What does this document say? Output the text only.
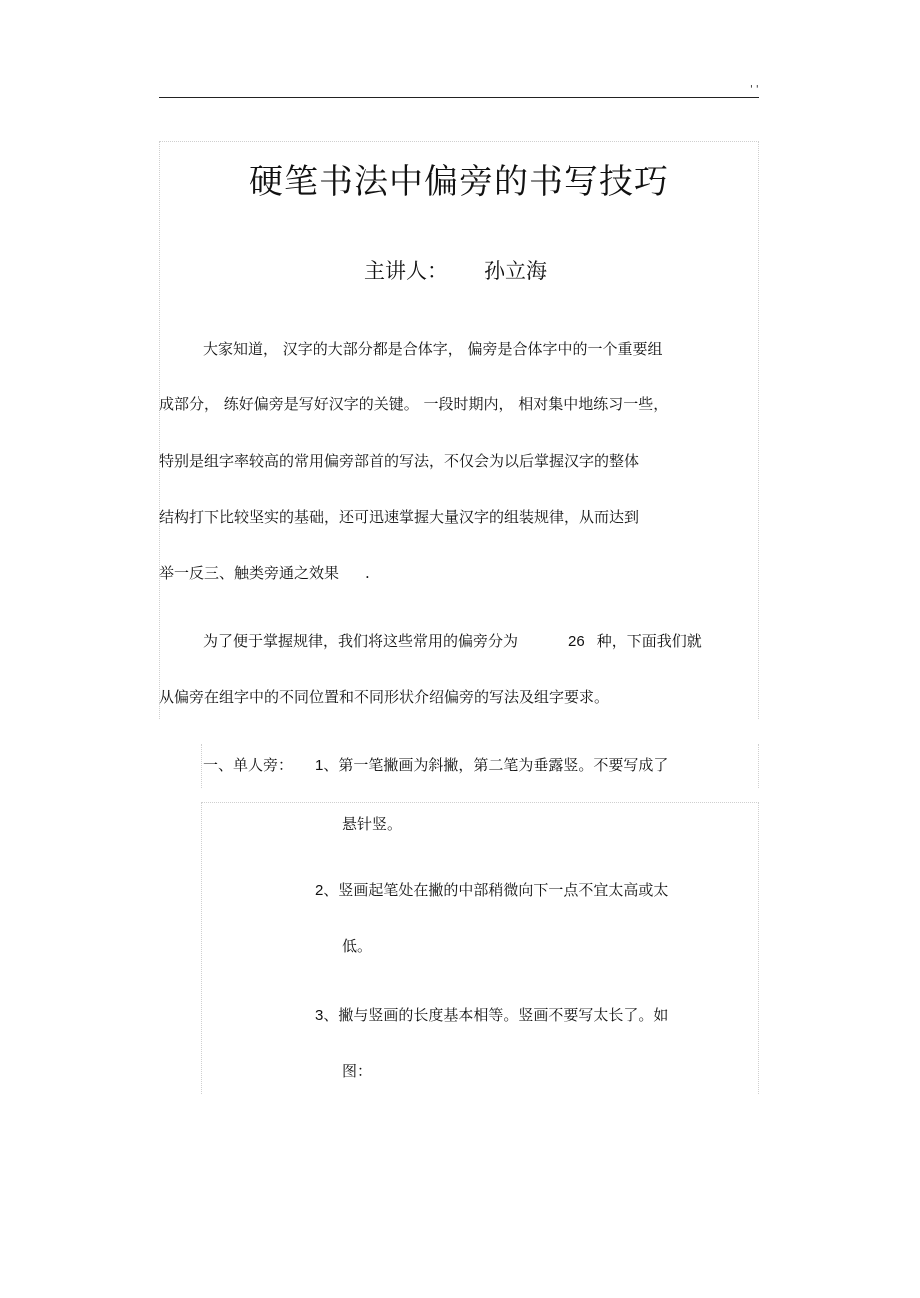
' '
硬笔书法中偏旁的书写技巧
主讲人： 孙立海
大家知道， 汉字的大部分都是合体字， 偏旁是合体字中的一个重要组
成部分， 练好偏旁是写好汉字的关键。 一段时期内， 相对集中地练习一些，
特别是组字率较高的常用偏旁部首的写法，不仅会为以后掌握汉字的整体
结构打下比较坚实的基础，还可迅速掌握大量汉字的组装规律，从而达到
举一反三、触类旁通之效果 .
为了便于掌握规律，我们将这些常用的偏旁分为	26 种，下面我们就
从偏旁在组字中的不同位置和不同形状介绍偏旁的写法及组字要求。
一、单人旁： 1、第一笔撇画为斜撇，第二笔为垂露竖。不要写成了
悬针竖。
2、竖画起笔处在撇的中部稍微向下一点不宜太高或太
低。
3、撇与竖画的长度基本相等。竖画不要写太长了。如
图：
